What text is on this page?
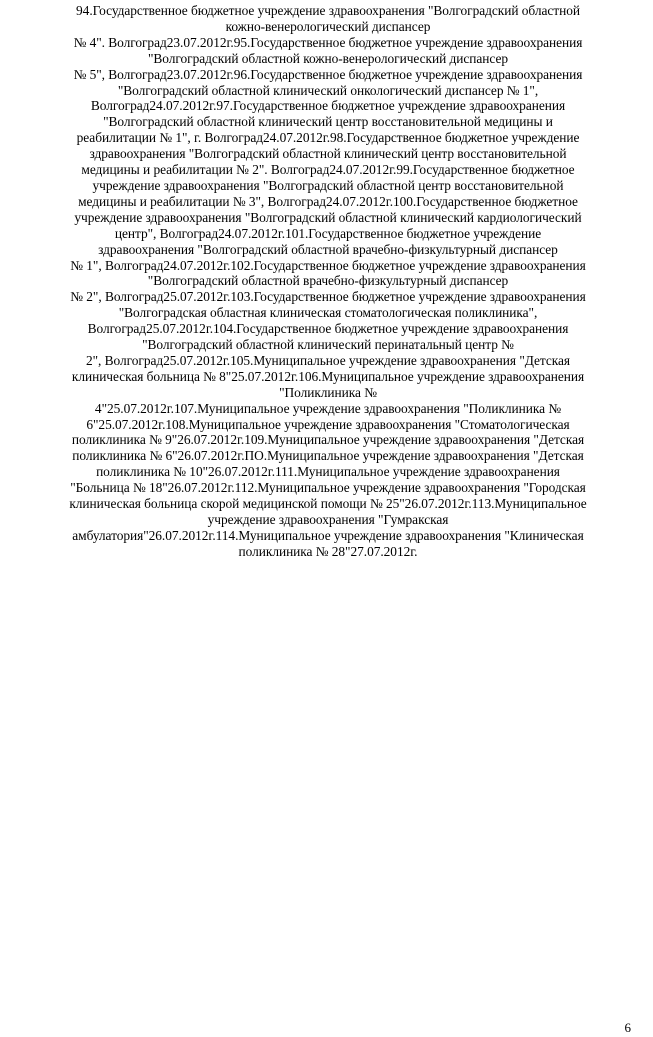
94.Государственное бюджетное учреждение здравоохранения "Волгоградский областной
кожно-венерологический диспансер
№ 4". Волгоград23.07.2012г.95.Государственное бюджетное учреждение здравоохранения
"Волгоградский областной кожно-венерологический диспансер
№ 5", Волгоград23.07.2012г.96.Государственное бюджетное учреждение здравоохранения
"Волгоградский областной клинический онкологический диспансер № 1",
Волгоград24.07.2012г.97.Государственное бюджетное учреждение здравоохранения
"Волгоградский областной клинический центр восстановительной медицины и
реабилитации № 1", г. Волгоград24.07.2012г.98.Государственное бюджетное учреждение
здравоохранения "Волгоградский областной клинический центр восстановительной
медицины и реабилитации № 2". Волгоград24.07.2012г.99.Государственное бюджетное
учреждение здравоохранения "Волгоградский областной центр восстановительной
медицины и реабилитации № 3", Волгоград24.07.2012г.100.Государственное бюджетное
учреждение здравоохранения "Волгоградский областной клинический кардиологический
центр", Волгоград24.07.2012г.101.Государственное бюджетное учреждение
здравоохранения "Волгоградский областной врачебно-физкультурный диспансер
№ 1", Волгоград24.07.2012г.102.Государственное бюджетное учреждение здравоохранения
"Волгоградский областной врачебно-физкультурный диспансер
№ 2", Волгоград25.07.2012г.103.Государственное бюджетное учреждение здравоохранения
"Волгоградская областная клиническая стоматологическая поликлиника",
Волгоград25.07.2012г.104.Государственное бюджетное учреждение здравоохранения
"Волгоградский областной клинический перинатальный центр №
2", Волгоград25.07.2012г.105.Муниципальное учреждение здравоохранения "Детская
клиническая больница № 8"25.07.2012г.106.Муниципальное учреждение здравоохранения
"Поликлиника №
4"25.07.2012г.107.Муниципальное учреждение здравоохранения "Поликлиника №
6"25.07.2012г.108.Муниципальное учреждение здравоохранения "Стоматологическая
поликлиника № 9"26.07.2012г.109.Муниципальное учреждение здравоохранения "Детская
поликлиника № 6"26.07.2012г.ПО.Муниципальное учреждение здравоохранения "Детская
поликлиника № 10"26.07.2012г.111.Муниципальное учреждение здравоохранения
"Больница № 18"26.07.2012г.112.Муниципальное учреждение здравоохранения "Городская
клиническая больница скорой медицинской помощи № 25"26.07.2012г.113.Муниципальное
учреждение здравоохранения "Гумракская
амбулатория"26.07.2012г.114.Муниципальное учреждение здравоохранения "Клиническая
поликлиника № 28"27.07.2012г.
6
